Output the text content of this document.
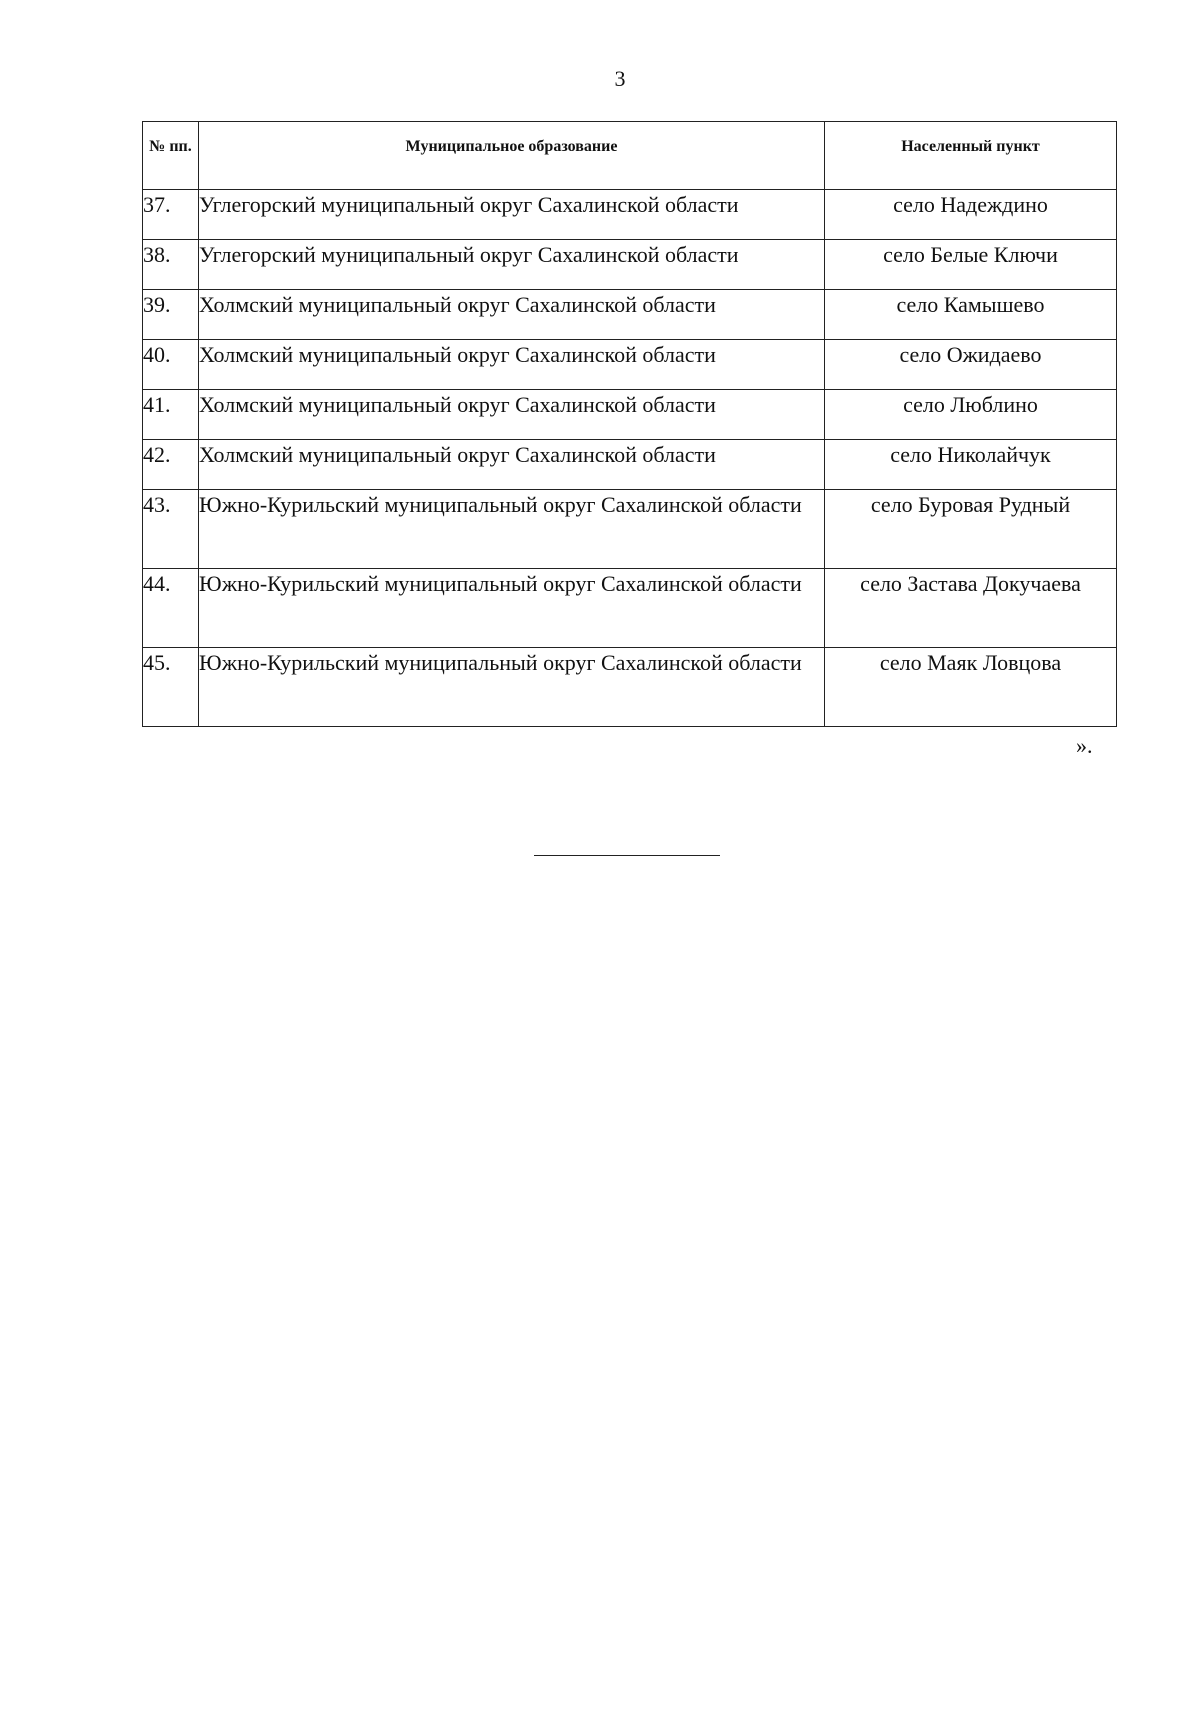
3
№ пп.	Муниципальное образование	Населенный пункт
37.	Углегорский муниципальный округ Сахалинской области	село Надеждино
38.	Углегорский муниципальный округ Сахалинской области	село Белые Ключи
39.	Холмский муниципальный округ Сахалинской области	село Камышево
40.	Холмский муниципальный округ Сахалинской области	село Ожидаево
41.	Холмский муниципальный округ Сахалинской области	село Люблино
42.	Холмский муниципальный округ Сахалинской области	село Николайчук
43.	Южно-Курильский муниципальный округ Сахалинской области	село Буровая Рудный
44.	Южно-Курильский муниципальный округ Сахалинской области	село Застава Докучаева
45.	Южно-Курильский муниципальный округ Сахалинской области	село Маяк Ловцова
».
